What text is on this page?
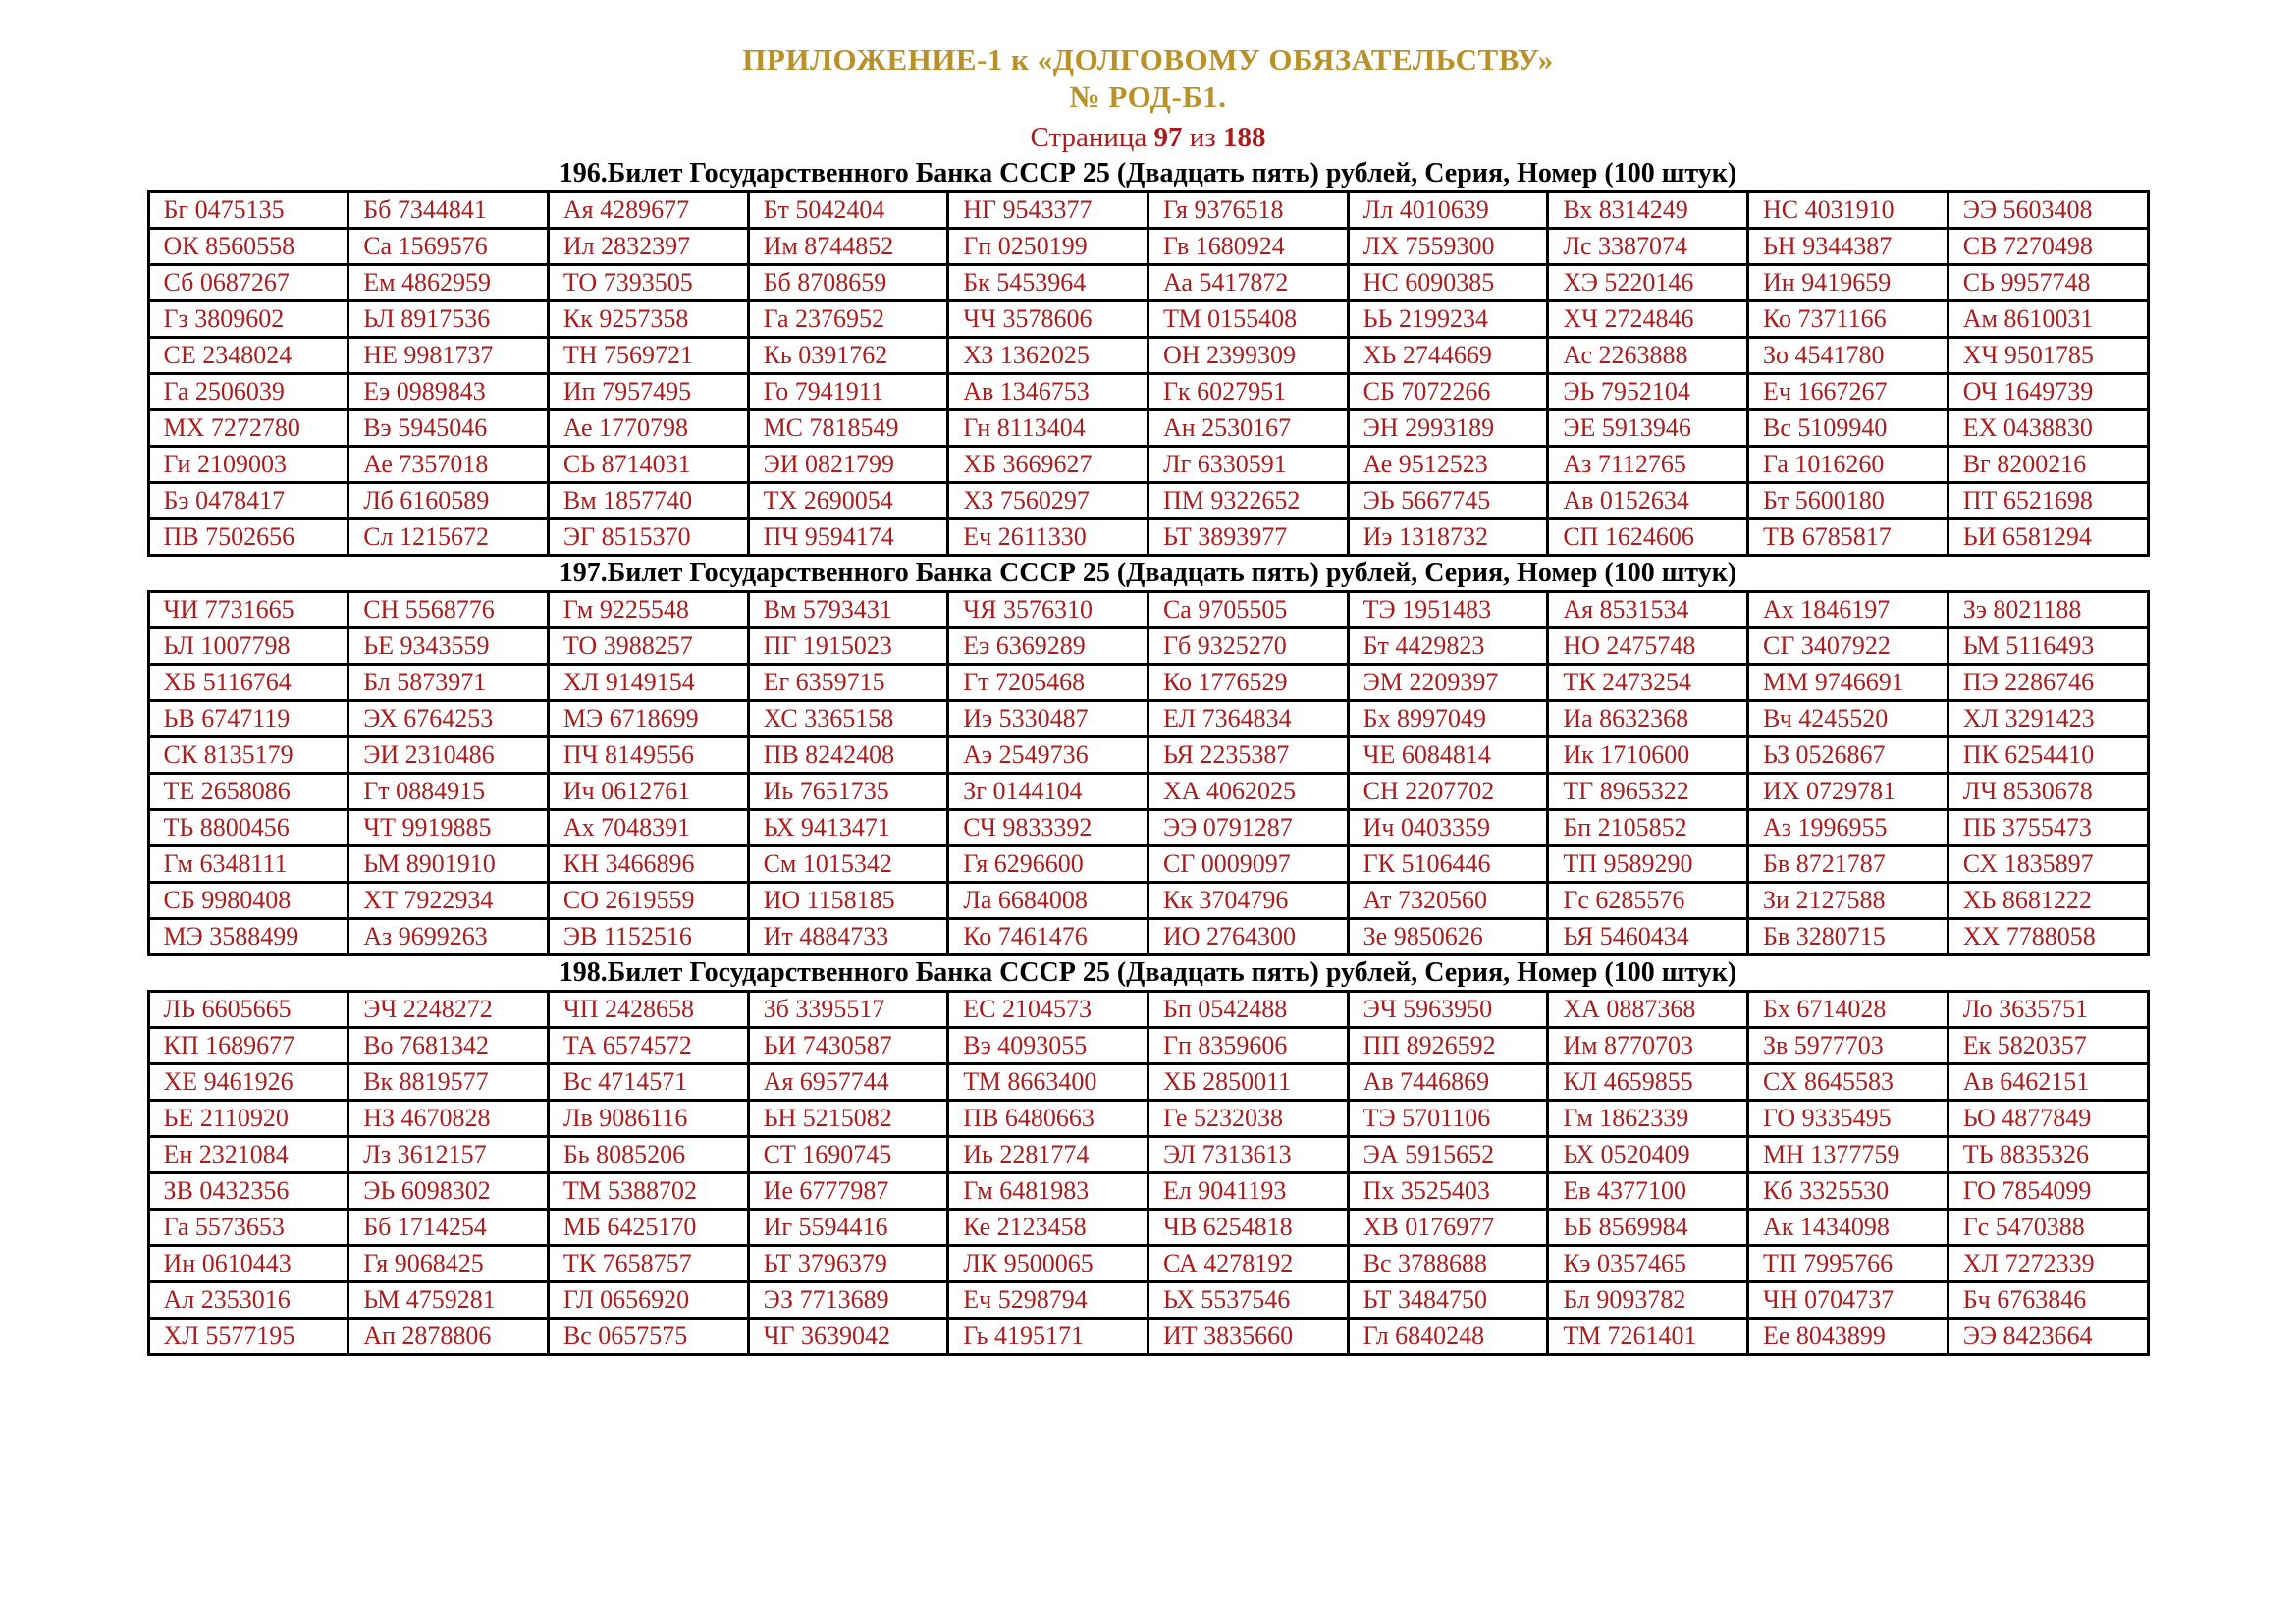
ПРИЛОЖЕНИЕ-1 к «ДОЛГОВОМУ ОБЯЗАТЕЛЬСТВУ»
№ РОД-Б1.
Страница 97 из 188
196.Билет Государственного Банка СССР 25 (Двадцать пять) рублей, Серия, Номер (100 штук)
Бг 0475135	Бб 7344841	Ая 4289677	Бт 5042404	НГ 9543377	Гя 9376518	Лл 4010639	Вх 8314249	НС 4031910	ЭЭ 5603408
ОК 8560558	Са 1569576	Ил 2832397	Им 8744852	Гп 0250199	Гв 1680924	ЛХ 7559300	Лс 3387074	ЬН 9344387	СВ 7270498
Сб 0687267	Ем 4862959	ТО 7393505	Бб 8708659	Бк 5453964	Аа 5417872	НС 6090385	ХЭ 5220146	Ин 9419659	СЬ 9957748
Гз 3809602	ЬЛ 8917536	Кк 9257358	Га 2376952	ЧЧ 3578606	ТМ 0155408	ЬЬ 2199234	ХЧ 2724846	Ко 7371166	Ам 8610031
СЕ 2348024	НЕ 9981737	ТН 7569721	Кь 0391762	ХЗ 1362025	ОН 2399309	ХЬ 2744669	Ас 2263888	Зо 4541780	ХЧ 9501785
Га 2506039	Еэ 0989843	Ип 7957495	Го 7941911	Ав 1346753	Гк 6027951	СБ 7072266	ЭЬ 7952104	Еч 1667267	ОЧ 1649739
МХ 7272780	Вэ 5945046	Ае 1770798	МС 7818549	Гн 8113404	Ан 2530167	ЭН 2993189	ЭЕ 5913946	Вс 5109940	ЕХ 0438830
Ги 2109003	Ае 7357018	СЬ 8714031	ЭИ 0821799	ХБ 3669627	Лг 6330591	Ае 9512523	Аз 7112765	Га 1016260	Вг 8200216
Бэ 0478417	Лб 6160589	Вм 1857740	ТХ 2690054	ХЗ 7560297	ПМ 9322652	ЭЬ 5667745	Ав 0152634	Бт 5600180	ПТ 6521698
ПВ 7502656	Сл 1215672	ЭГ 8515370	ПЧ 9594174	Еч 2611330	ЬТ 3893977	Иэ 1318732	СП 1624606	ТВ 6785817	ЬИ 6581294
197.Билет Государственного Банка СССР 25 (Двадцать пять) рублей, Серия, Номер (100 штук)
ЧИ 7731665	СН 5568776	Гм 9225548	Вм 5793431	ЧЯ 3576310	Са 9705505	ТЭ 1951483	Ая 8531534	Ах 1846197	Зэ 8021188
ЬЛ 1007798	ЬЕ 9343559	ТО 3988257	ПГ 1915023	Еэ 6369289	Гб 9325270	Бт 4429823	НО 2475748	СГ 3407922	ЬМ 5116493
ХБ 5116764	Бл 5873971	ХЛ 9149154	Ег 6359715	Гт 7205468	Ко 1776529	ЭМ 2209397	ТК 2473254	ММ 9746691	ПЭ 2286746
ЬВ 6747119	ЭХ 6764253	МЭ 6718699	ХС 3365158	Иэ 5330487	ЕЛ 7364834	Бх 8997049	Иа 8632368	Вч 4245520	ХЛ 3291423
СК 8135179	ЭИ 2310486	ПЧ 8149556	ПВ 8242408	Аэ 2549736	ЬЯ 2235387	ЧЕ 6084814	Ик 1710600	ЬЗ 0526867	ПК 6254410
ТЕ 2658086	Гт 0884915	Ич 0612761	Иь 7651735	Зг 0144104	ХА 4062025	СН 2207702	ТГ 8965322	ИХ 0729781	ЛЧ 8530678
ТЬ 8800456	ЧТ 9919885	Ах 7048391	ЬХ 9413471	СЧ 9833392	ЭЭ 0791287	Ич 0403359	Бп 2105852	Аз 1996955	ПБ 3755473
Гм 6348111	ЬМ 8901910	КН 3466896	См 1015342	Гя 6296600	СГ 0009097	ГК 5106446	ТП 9589290	Бв 8721787	СХ 1835897
СБ 9980408	ХТ 7922934	СО 2619559	ИО 1158185	Ла 6684008	Кк 3704796	Ат 7320560	Гс 6285576	Зи 2127588	ХЬ 8681222
МЭ 3588499	Аз 9699263	ЭВ 1152516	Ит 4884733	Ко 7461476	ИО 2764300	Зе 9850626	ЬЯ 5460434	Бв 3280715	ХХ 7788058
198.Билет Государственного Банка СССР 25 (Двадцать пять) рублей, Серия, Номер (100 штук)
ЛЬ 6605665	ЭЧ 2248272	ЧП 2428658	Зб 3395517	ЕС 2104573	Бп 0542488	ЭЧ 5963950	ХА 0887368	Бх 6714028	Ло 3635751
КП 1689677	Во 7681342	ТА 6574572	ЬИ 7430587	Вэ 4093055	Гп 8359606	ПП 8926592	Им 8770703	Зв 5977703	Ек 5820357
ХЕ 9461926	Вк 8819577	Вс 4714571	Ая 6957744	ТМ 8663400	ХБ 2850011	Ав 7446869	КЛ 4659855	СХ 8645583	Ав 6462151
ЬЕ 2110920	НЗ 4670828	Лв 9086116	ЬН 5215082	ПВ 6480663	Ге 5232038	ТЭ 5701106	Гм 1862339	ГО 9335495	ЬО 4877849
Ен 2321084	Лз 3612157	Бь 8085206	СТ 1690745	Иь 2281774	ЭЛ 7313613	ЭА 5915652	ЬХ 0520409	МН 1377759	ТЬ 8835326
ЗВ 0432356	ЭЬ 6098302	ТМ 5388702	Ие 6777987	Гм 6481983	Ел 9041193	Пх 3525403	Ев 4377100	Кб 3325530	ГО 7854099
Га 5573653	Бб 1714254	МБ 6425170	Иг 5594416	Ке 2123458	ЧВ 6254818	ХВ 0176977	ЬБ 8569984	Ак 1434098	Гс 5470388
Ин 0610443	Гя 9068425	ТК 7658757	ЬТ 3796379	ЛК 9500065	СА 4278192	Вс 3788688	Кэ 0357465	ТП 7995766	ХЛ 7272339
Ал 2353016	ЬМ 4759281	ГЛ 0656920	ЭЗ 7713689	Еч 5298794	ЬХ 5537546	ЬТ 3484750	Бл 9093782	ЧН 0704737	Бч 6763846
ХЛ 5577195	Ап 2878806	Вс 0657575	ЧГ 3639042	Гь 4195171	ИТ 3835660	Гл 6840248	ТМ 7261401	Ее 8043899	ЭЭ 8423664
